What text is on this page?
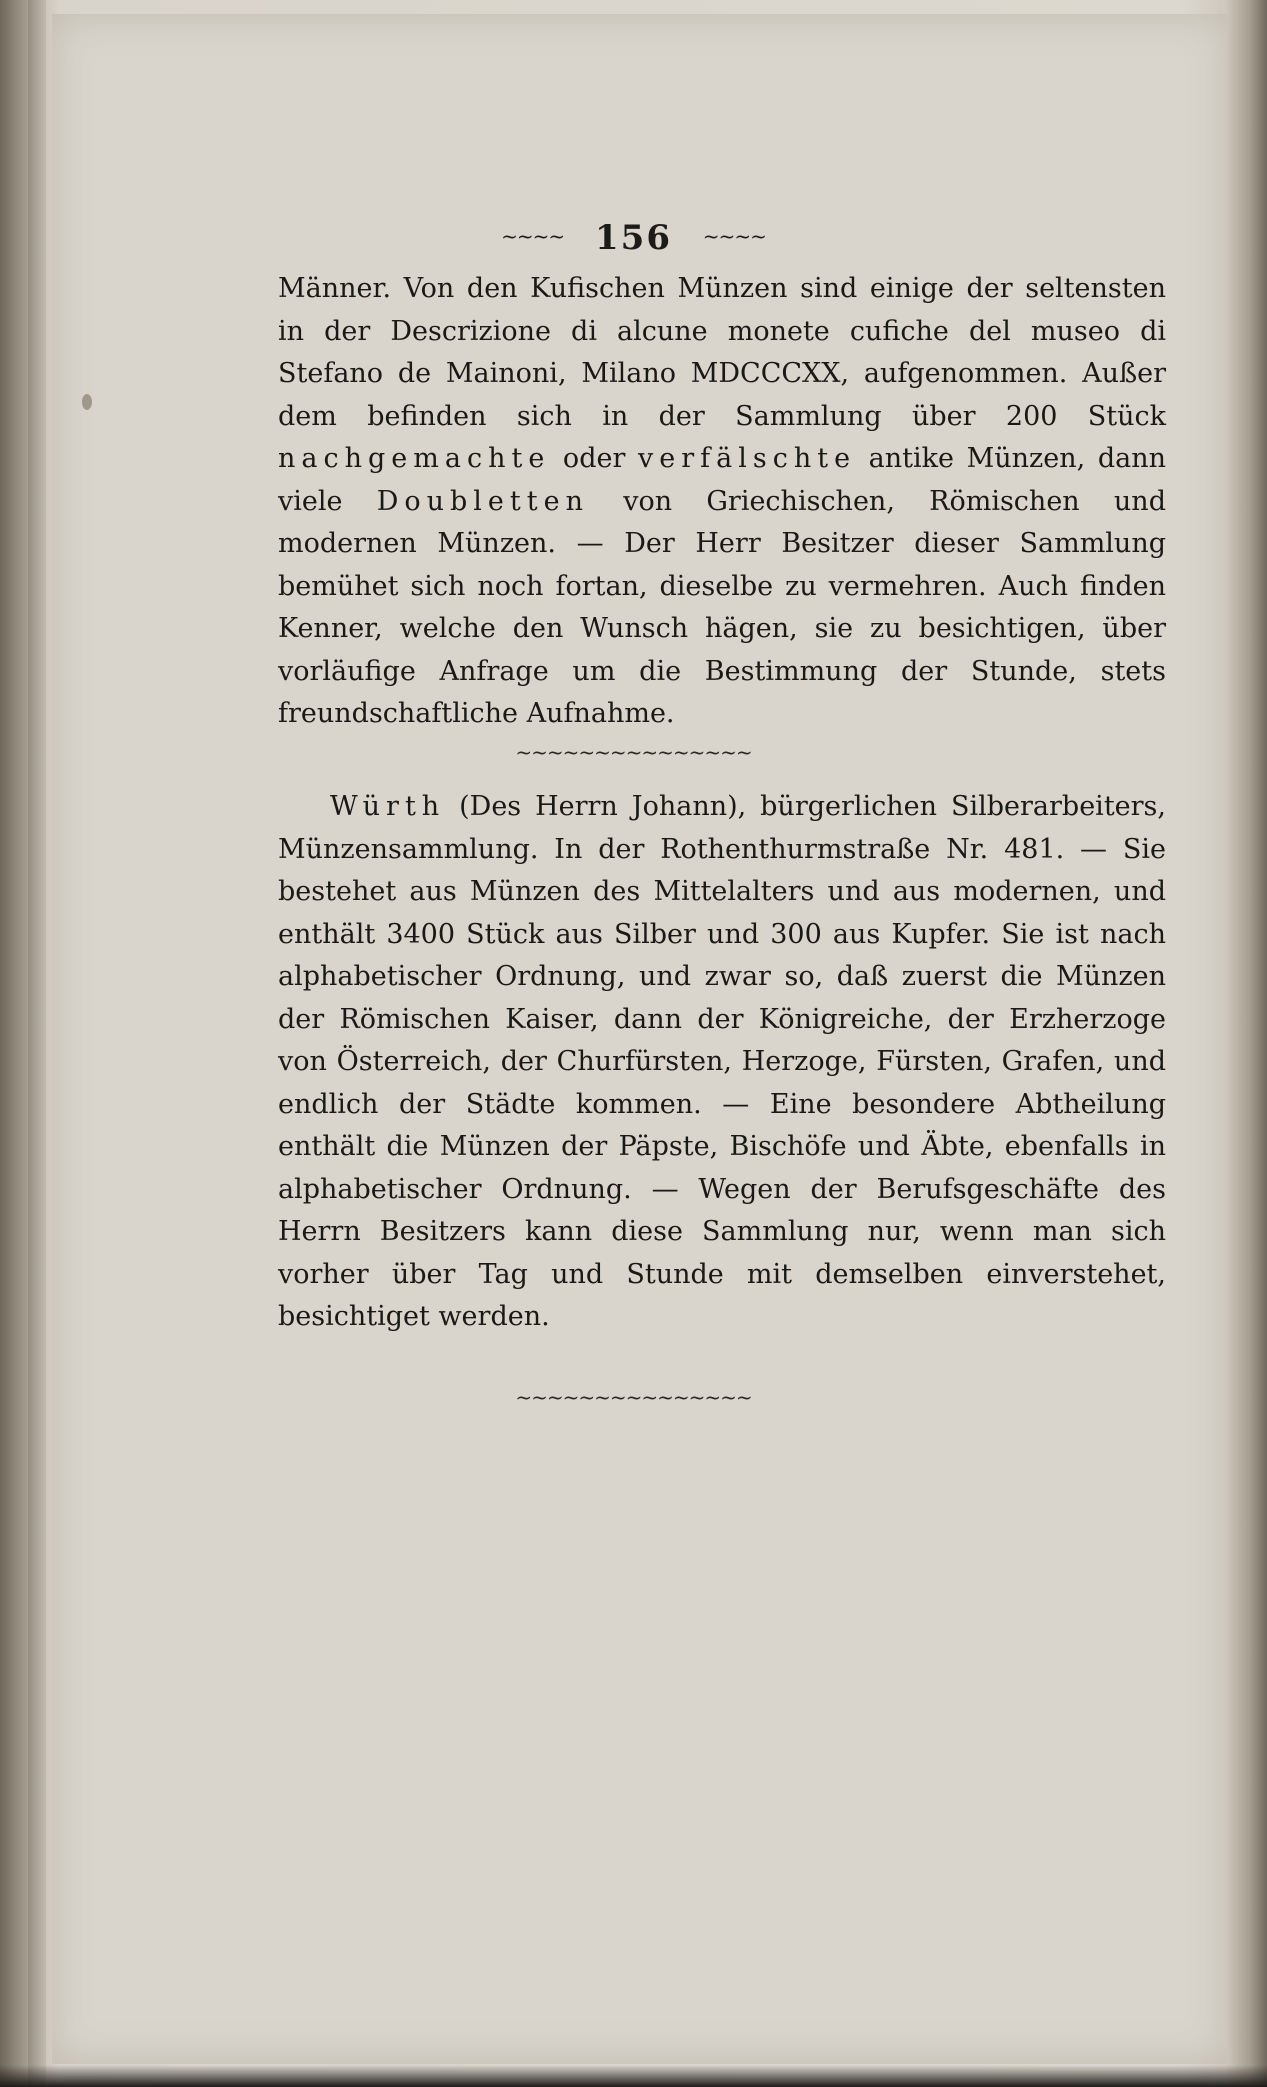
~~~~ 156 ~~~~

Männer. Von den Kufischen Münzen sind einige der seltensten in der Descrizione di alcune monete cufiche del museo di Stefano de Mainoni, Milano MDCCCXX, aufgenommen. Außer dem befinden sich in der Sammlung über 200 Stück nachgemachte oder verfälschte antike Münzen, dann viele Doubletten von Griechischen, Römischen und modernen Münzen. — Der Herr Besitzer dieser Sammlung bemühet sich noch fortan, dieselbe zu vermehren. Auch finden Kenner, welche den Wunsch hägen, sie zu besichtigen, über vorläufige Anfrage um die Bestimmung der Stunde, stets freundschaftliche Aufnahme.

~~~~~~~~~~~~~~~

Würth (Des Herrn Johann), bürgerlichen Silberarbeiters, Münzensammlung. In der Rothenthurmstraße Nr. 481. — Sie bestehet aus Münzen des Mittelalters und aus modernen, und enthält 3400 Stück aus Silber und 300 aus Kupfer. Sie ist nach alphabetischer Ordnung, und zwar so, daß zuerst die Münzen der Römischen Kaiser, dann der Königreiche, der Erzherzoge von Österreich, der Churfürsten, Herzoge, Fürsten, Grafen, und endlich der Städte kommen. — Eine besondere Abtheilung enthält die Münzen der Päpste, Bischöfe und Äbte, ebenfalls in alphabetischer Ordnung. — Wegen der Berufsgeschäfte des Herrn Besitzers kann diese Sammlung nur, wenn man sich vorher über Tag und Stunde mit demselben einverstehet, besichtiget werden.

~~~~~~~~~~~~~~~
